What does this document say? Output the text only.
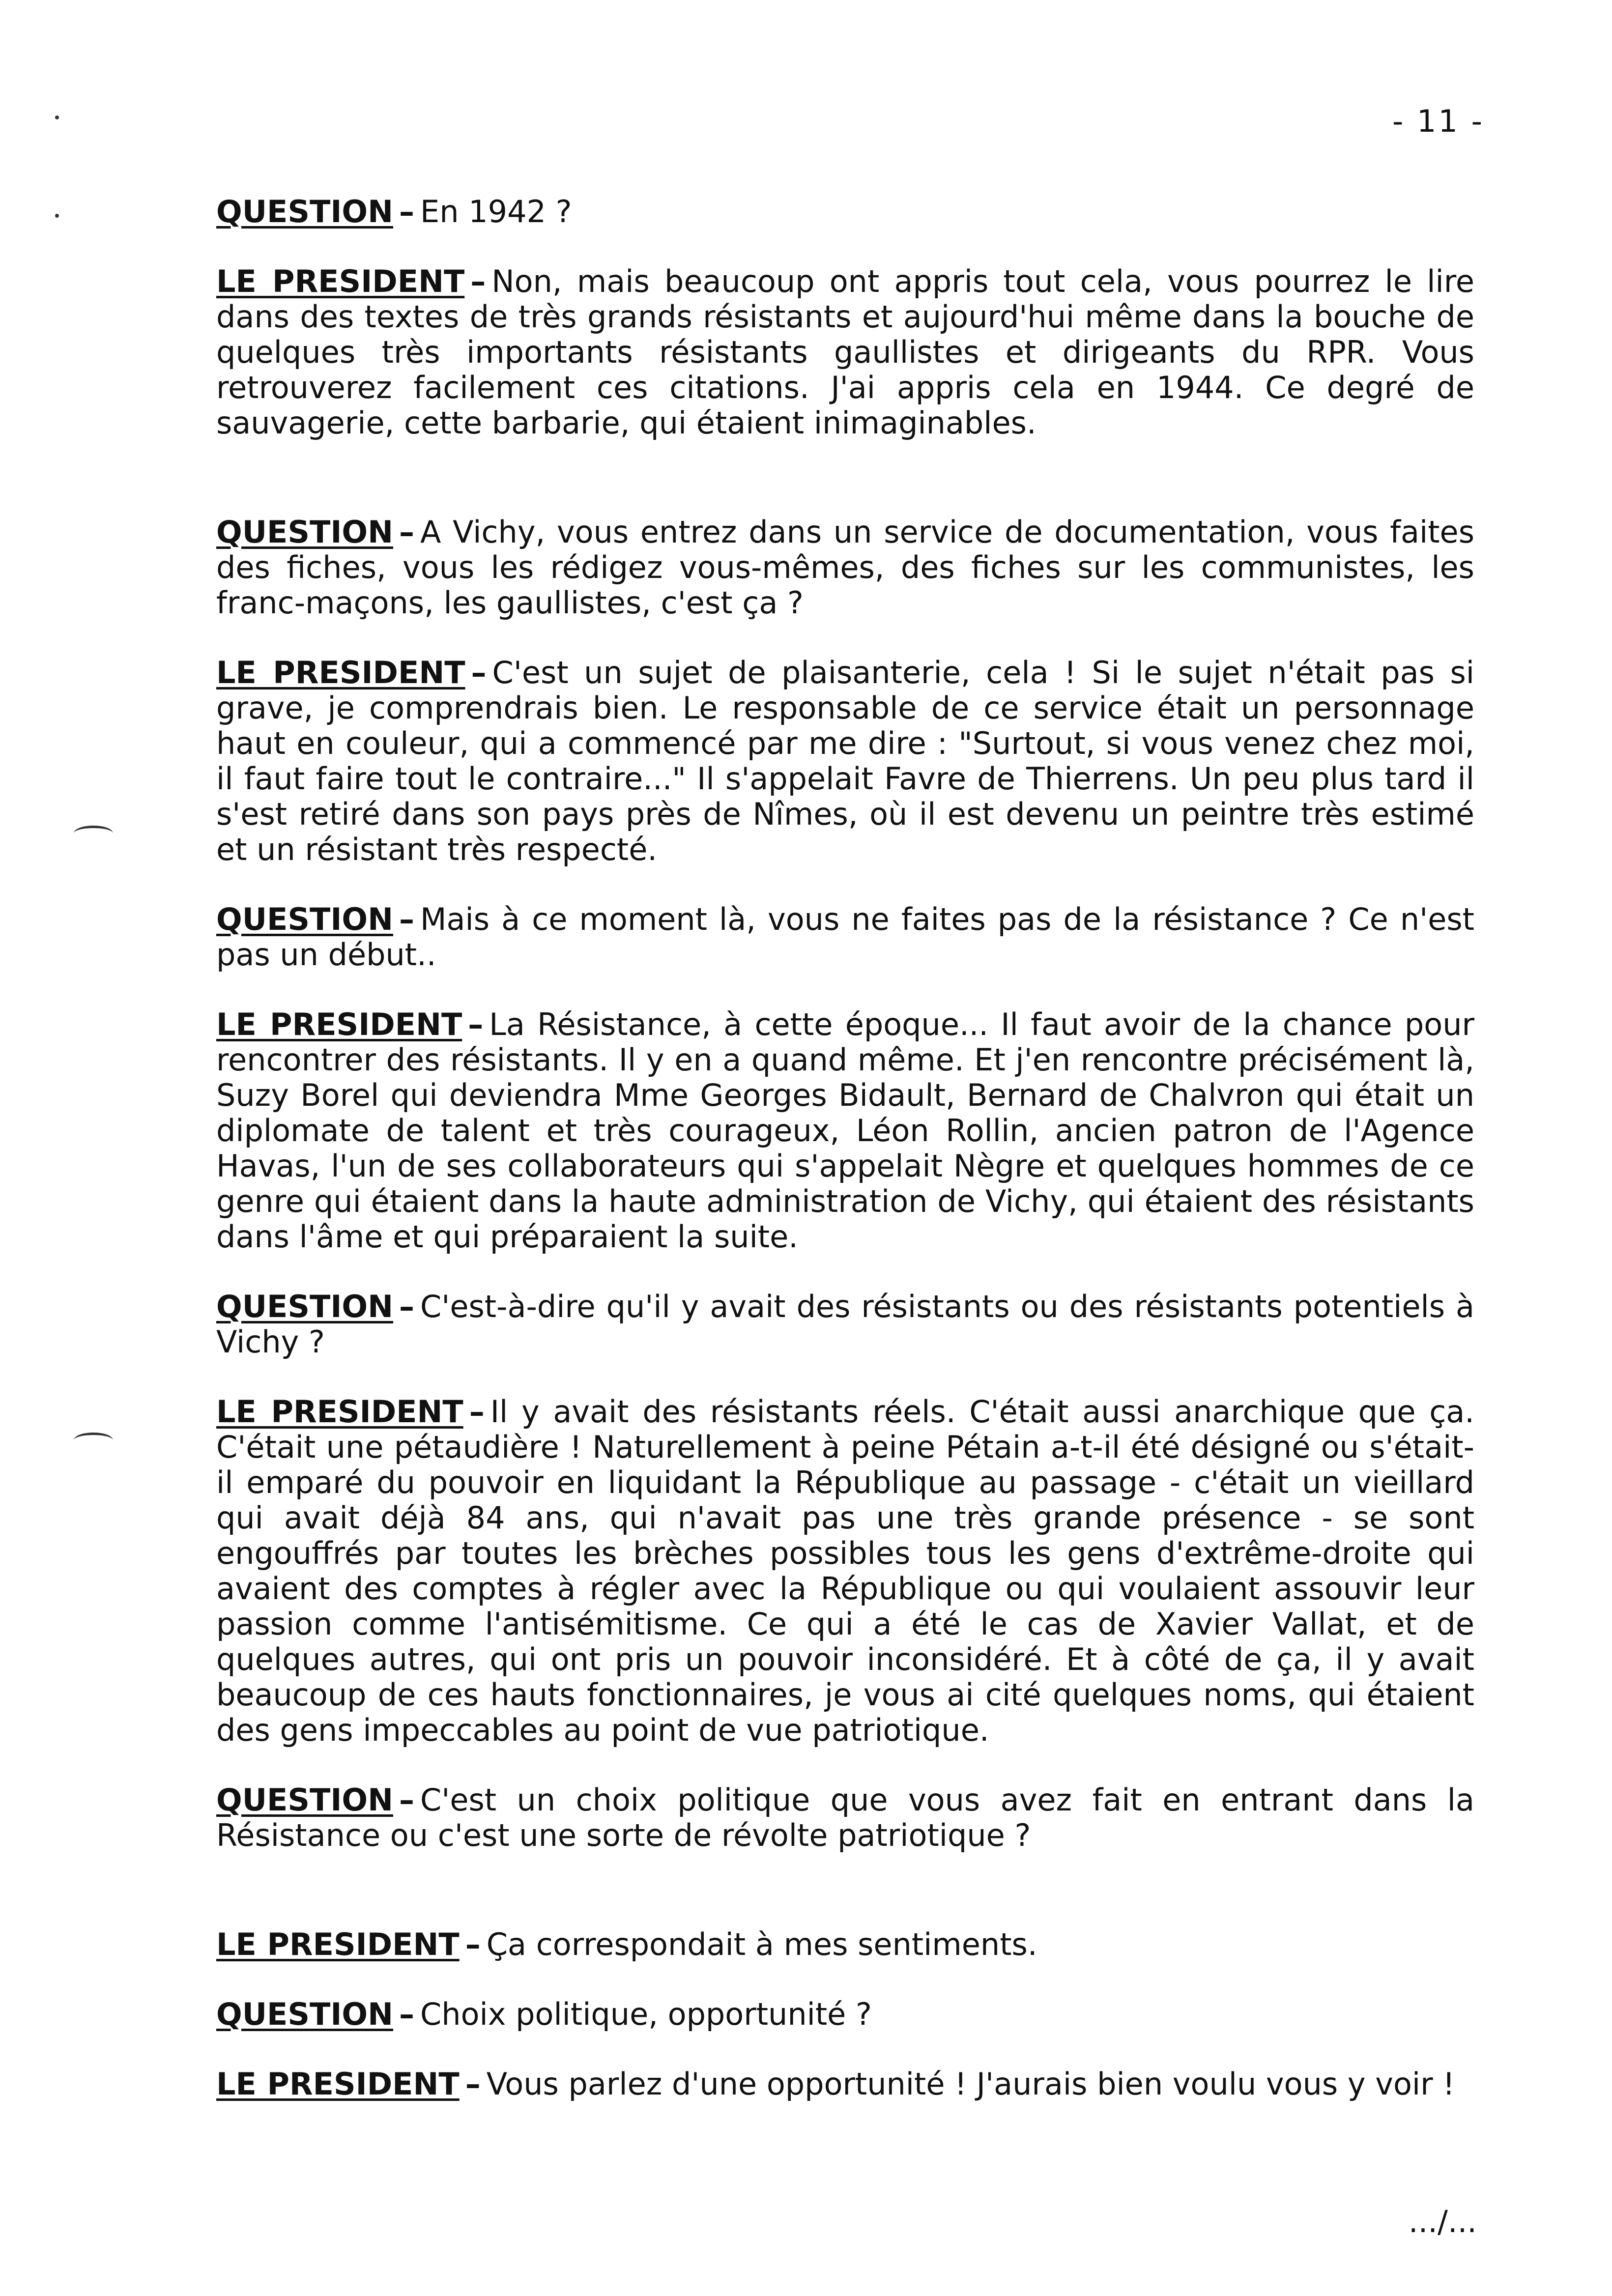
- 11 -

QUESTION – En 1942 ?

LE PRESIDENT – Non, mais beaucoup ont appris tout cela, vous pourrez le lire dans des textes de très grands résistants et aujourd'hui même dans la bouche de quelques très importants résistants gaullistes et dirigeants du RPR. Vous retrouverez facilement ces citations. J'ai appris cela en 1944. Ce degré de sauvagerie, cette barbarie, qui étaient inimaginables.

QUESTION – A Vichy, vous entrez dans un service de documentation, vous faites des fiches, vous les rédigez vous-mêmes, des fiches sur les communistes, les franc-maçons, les gaullistes, c'est ça ?

LE PRESIDENT – C'est un sujet de plaisanterie, cela ! Si le sujet n'était pas si grave, je comprendrais bien. Le responsable de ce service était un personnage haut en couleur, qui a commencé par me dire : "Surtout, si vous venez chez moi, il faut faire tout le contraire..." Il s'appelait Favre de Thierrens. Un peu plus tard il s'est retiré dans son pays près de Nîmes, où il est devenu un peintre très estimé et un résistant très respecté.

QUESTION – Mais à ce moment là, vous ne faites pas de la résistance ? Ce n'est pas un début..

LE PRESIDENT – La Résistance, à cette époque... Il faut avoir de la chance pour rencontrer des résistants. Il y en a quand même. Et j'en rencontre précisément là, Suzy Borel qui deviendra Mme Georges Bidault, Bernard de Chalvron qui était un diplomate de talent et très courageux, Léon Rollin, ancien patron de l'Agence Havas, l'un de ses collaborateurs qui s'appelait Nègre et quelques hommes de ce genre qui étaient dans la haute administration de Vichy, qui étaient des résistants dans l'âme et qui préparaient la suite.

QUESTION – C'est-à-dire qu'il y avait des résistants ou des résistants potentiels à Vichy ?

LE PRESIDENT – Il y avait des résistants réels. C'était aussi anarchique que ça. C'était une pétaudière ! Naturellement à peine Pétain a-t-il été désigné ou s'était-il emparé du pouvoir en liquidant la République au passage - c'était un vieillard qui avait déjà 84 ans, qui n'avait pas une très grande présence - se sont engouffrés par toutes les brèches possibles tous les gens d'extrême-droite qui avaient des comptes à régler avec la République ou qui voulaient assouvir leur passion comme l'antisémitisme. Ce qui a été le cas de Xavier Vallat, et de quelques autres, qui ont pris un pouvoir inconsidéré. Et à côté de ça, il y avait beaucoup de ces hauts fonctionnaires, je vous ai cité quelques noms, qui étaient des gens impeccables au point de vue patriotique.

QUESTION – C'est un choix politique que vous avez fait en entrant dans la Résistance ou c'est une sorte de révolte patriotique ?

LE PRESIDENT – Ça correspondait à mes sentiments.

QUESTION – Choix politique, opportunité ?

LE PRESIDENT – Vous parlez d'une opportunité ! J'aurais bien voulu vous y voir !

.../...
